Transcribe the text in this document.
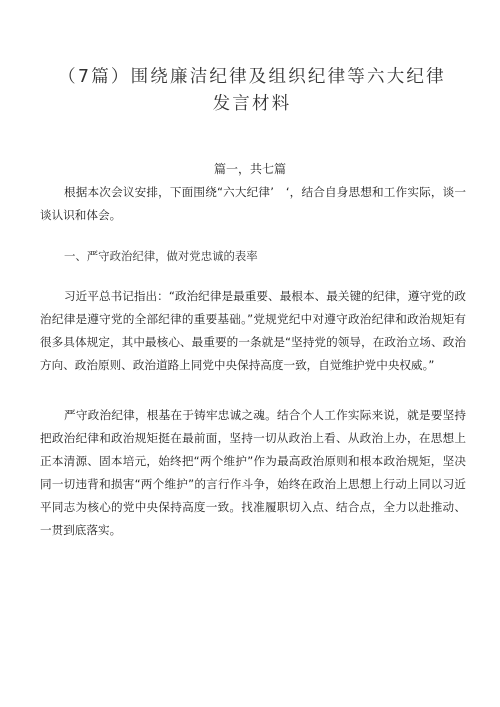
（7篇）围绕廉洁纪律及组织纪律等六大纪律发言材料
篇一，共七篇

根据本次会议安排，下面围绕“六大纪律’　‘，结合自身思想和工作实际，谈一谈认识和体会。

一、严守政治纪律，做对党忠诚的表率

习近平总书记指出：“政治纪律是最重要、最根本、最关键的纪律，遵守党的政治纪律是遵守党的全部纪律的重要基础。”党规党纪中对遵守政治纪律和政治规矩有很多具体规定，其中最核心、最重要的一条就是“坚持党的领导，在政治立场、政治方向、政治原则、政治道路上同党中央保持高度一致，自觉维护党中央权威。”

严守政治纪律，根基在于铸牢忠诚之魂。结合个人工作实际来说，就是要坚持把政治纪律和政治规矩挺在最前面，坚持一切从政治上看、从政治上办，在思想上正本清源、固本培元，始终把“两个维护”作为最高政治原则和根本政治规矩，坚决同一切违背和损害“两个维护”的言行作斗争，始终在政治上思想上行动上同以习近平同志为核心的党中央保持高度一致。找准履职切入点、结合点，全力以赴推动、一贯到底落实。
